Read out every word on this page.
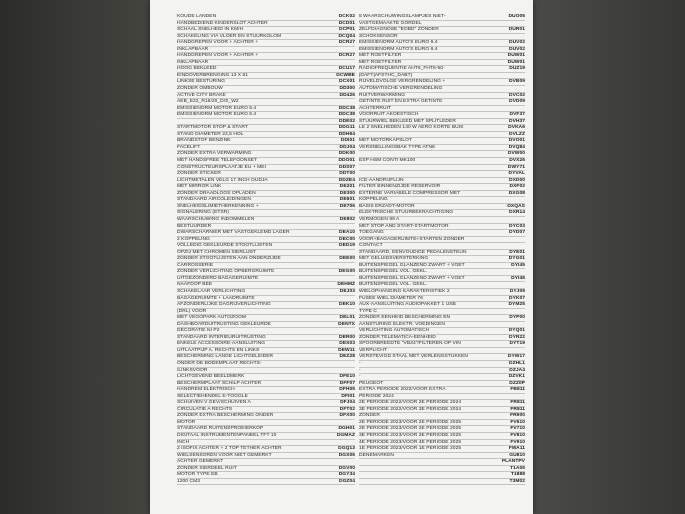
KOUDE LANDEN	DCK02
HANDBEDIEND KINDERSLOT ACHTER	DCD01
SCHAAL SNELHEID IN KM/H	DCP01
SCHAKELING VIA VLOER EN STUURKOLOM	DCQ04
HANDGREPEN VOOR + ACHTER +	DCR27
INKLAPBAAR
HANDGREPEN VOOR + ACHTER +	DCR27
INKLAPBAAR
HOOG BEKLEED	DCU17
EINDOVERBRENGING 13 X 61	DCWBE
LINKSE BESTURING	DCX01
ZONDER OMBOUW	DD300
ACTIVE CITY BRAKE	DD426
AEB_E22_R16/20_D/S_W2
EMISSIENORM MOTOR EURO 6.4	DDC38
EMISSIENORM MOTOR EURO 6.4	DDC38
DDE02
STARTMOTOR STOP & START	DDG11
STANG DIAMETER 22,5 HOL	DDH64
BRANDSTOF BENZINE	DDI01
FACELIFT	DDJ04
ZONDER EXTRA VERWARMING	DDK00
MET HANDSFREE TELEFOONSET	DDO01
CONSTRUCTEURSPLAATJE EU + MEI	DDS07
ZONDER STICKER	DDT00
LICHTMETALEN VELG 17 INCH OUDJA	DDZE4
MET MIRROR LINK	DE201
ZONDER DRAADLOOS OPLADEN	DE300
STANDAARD AIRCOLEIDINGEN	DE601
SNELHEIDSLIMIETHERKENNING +	DE706
SIGNALERING (ETSR)
WAARSCHUWING INDOMMELEN	DE802
BESTUURDER
DWARSCHARNIER MET VASTGEKLEMD LAGER	DEA10
2 KOPPELING	DEC00
VOLLEDIG GEKLEURDE STOOTLIJSTEN	DED19
OPZIJ MET CHROMEN SIERLIJST
ZONDER STOOTLIJSTEN AAN ONDERZIJDE	DEE00
CARROSSERIE
ZONDER VERLICHTING OPBERGRUIMTE	DEG00
UITGEZONDERD BAGAGERUIMTE
NAAFDOP BEE	DEHMZ
SCHAKELAAR VERLICHTING	DEJ03
BAGAGERUIMTE + LAADRUIMTE
AFZONDERLIJKE DAGRIJVERLICHTING	DEK10
(DRL) VOOR
MET VEGOPARK AUTOZOOM	DEL01
DASHBOARDUITRUSTING GEKLEURDE	DENTX
DECORATIE NI P2
STANDAARD INTERIEURUITRUSTING	DER00
ENKELE ACCESSOIRE-AANSLUITING	DES03
UITLAATPIJP A. RECHTS EN LINKS	DEW11
BESCHERMING LANGE LICHTGELEIDER	DEZ28
ONDER DE BODEMPLAAT RECHTS-
/LINKSVOOR
LICHTGEVEND BEELDMERK	DFE10
BESCHERMPLAAT SCHILP ACHTER	DFF07
HANDREM ELEKTRISCH	DFH05
SELECTIEHENDEL E-TOGGLE	DFI01
SCHUIVEN V GEV/SCHUIVEN A	DFJ04
CIRCULATIE A RECHTS	DFT02
ZONDER EXTRA BESCHERMING ONDER	DFX00
MOTOR
STANDAARD RUITENSPROEIERKOP	DGH01
DIGITAAL INSTRUMENTENPANEEL TFT 10	DGMAZ
INCH
2 ISOFIX ACHTER + 2 TOP TETHER ACHTER	DGQ13
WIELSENSOREN VOOR NIET GEMERKT	DGS06
ACHTER GEMERKT
ZONDER SIERDEEL RUIT	DGV00
MOTOR TYPE EB	DGY34
1200 CM3	DGZ04
5 WAARSCHUWINGSLAMPJES NIET-	DUO05
VASTGEMAAKTE GORDEL
ZELFDIAGNOSE "EOBD" ZONDER	DUR01
SCHOKSENSOR
EMISSIENORM AUTO'S EURO 6.4	DUV02
EMISSIENORM AUTO'S EURO 6.4	DUV02
MET ROETFILTER	DUW01
MET ROETFILTER	DUW01
RADIOFREQUENTIE AHT6_FHT6-50-	DUZ19
[DAFT]AFSTHC_DABT]
RIJVELDVOLGE VERGRENDELING +	DVB09
AUTOMATISCHE VERGRENDELING
RUITVERWARMING	DVC02
GETINTE RUIT EN EXTRA GETINTE	DVD09
ACHTERRUIT
VOORRUIT AKOESTISCH	DVF37
STUURWIEL BEKLEED MET SPLITLEDER	DVH37
LE 2 SNELHEDEN 140 W AERO KORTE BUIS	DVKA6
DVLZZ
MET MOTORKAPSLOT	DVO01
VERSNELLINGSBAK TYPE ATN8	DVQ84
DVW00
ESP HSM CONTI MK100	DVX26
DWY71
DYVAL
ICE-AANDRIJFLIJN	DXD00
FILTER BINNENZIJDE RESERVOIR	DXF02
EXTERNE VARIABELE COMPRESSOR MET	DXG08
KOPPELING
BASIS ERZADT-MOTOR	DXQAS
ELEKTRISCHE STUURBEKRACHTIGING	DXR14
VERMOGEN 89 A
MET STOP AND START-STARTMOTOR	DYC03
TOEGANG	DYD07
VOOR+BAGAGERUIMTE+STARTEN ZONDER
CONTACT
STANDAARD, EENVOUDIGE PEDALENSTEUN	DYE01
MET GELUIDSVERSTERKING	DYG01
BUITENSPIEGEL GLANZEND ZWART + VOET	DYI45
BUITENSPIEGEL VOL. GEKL.
BUITENSPIEGEL GLANZEND ZWART + VOET	DYI45
BUITENSPIEGEL VOL. GEKL.
WIELOPHANGING KARAKTERISTIEK 2	DYJ09
FUSEE WIEL DIAMETER 76	DYK07
AUX-AANSLUITING AUDIOPAKKET 1 USB	DYM25
TYPE C
ZONDER EENHEID BESCHERMING EN	DYP00
AANSTURING ELEKTR. VOEDINGEN
VERLICHTING AUTOMATISCH	DYQ01
ZONDER TELEMATICA-EENHEID	DYR22
SPOORBREEDTE "VB34"/FILTEREN OP VIN	DYT19
VERPLICHT
VERSTEVIGD STAAL MET VERLENGSTUKKEN	DYW17
-	DZHL1
-	DZJA4
-	DZVK1
PEUGEOT	DZZ0P
EXTRA PERIODE 2022/VOOR EXTRA	FB811
PERIODE 2024
2E PERIODE 2022/VOOR 2E PERIODE 2024	FR811
3E PERIODE 2022/VOOR 3E PERIODE 2024	FR811
ZONDER	FR900
2E PERIODE 2023/VOOR 2E PERIODE 2025	FV610
2E PERIODE 2023/VOOR 2E PERIODE 2025	FV710
3E PERIODE 2023/VOOR 3E PERIODE 2025	FV810
4E PERIODE 2023/VOOR 4E PERIODE 2025	FV910
1E PERIODE 2023/VOOR 1E PERIODE 2025	FWA11
DENEMARKEN	GU810
PLANTPV
T1A06
T1888
T3M02
